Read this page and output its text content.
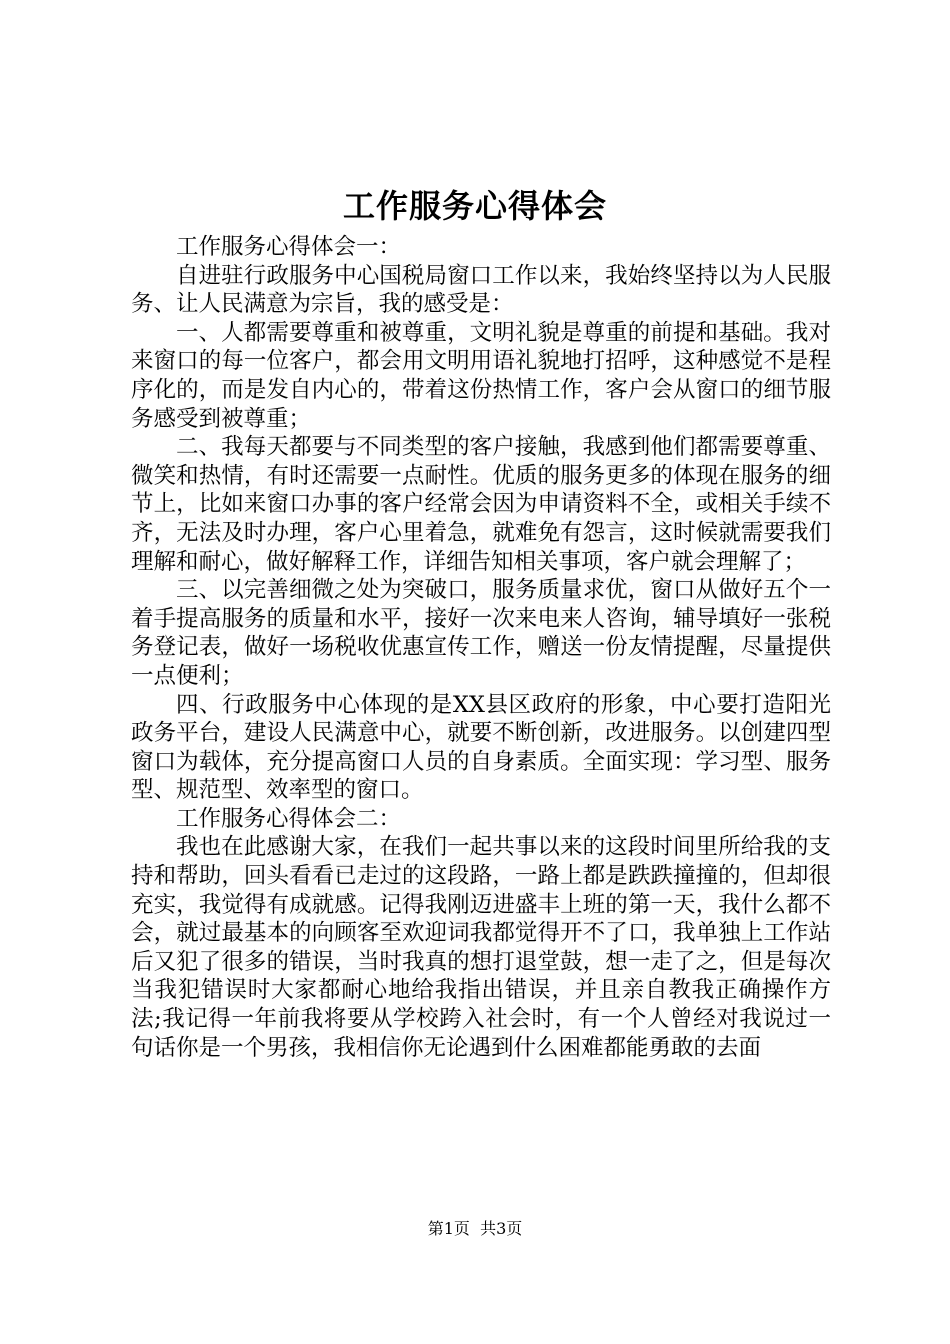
工作服务心得体会

工作服务心得体会一：

自进驻行政服务中心国税局窗口工作以来，我始终坚持以为人民服务、让人民满意为宗旨，我的感受是：

一、人都需要尊重和被尊重，文明礼貌是尊重的前提和基础。我对来窗口的每一位客户，都会用文明用语礼貌地打招呼，这种感觉不是程序化的，而是发自内心的，带着这份热情工作，客户会从窗口的细节服务感受到被尊重；

二、我每天都要与不同类型的客户接触，我感到他们都需要尊重、微笑和热情，有时还需要一点耐性。优质的服务更多的体现在服务的细节上，比如来窗口办事的客户经常会因为申请资料不全，或相关手续不齐，无法及时办理，客户心里着急，就难免有怨言，这时候就需要我们理解和耐心，做好解释工作，详细告知相关事项，客户就会理解了；

三、以完善细微之处为突破口，服务质量求优，窗口从做好五个一着手提高服务的质量和水平，接好一次来电来人咨询，辅导填好一张税务登记表，做好一场税收优惠宣传工作，赠送一份友情提醒，尽量提供一点便利；

四、行政服务中心体现的是XX县区政府的形象，中心要打造阳光政务平台，建设人民满意中心，就要不断创新，改进服务。以创建四型窗口为载体，充分提高窗口人员的自身素质。全面实现：学习型、服务型、规范型、效率型的窗口。

工作服务心得体会二：

我也在此感谢大家，在我们一起共事以来的这段时间里所给我的支持和帮助，回头看看已走过的这段路，一路上都是跌跌撞撞的，但却很充实，我觉得有成就感。记得我刚迈进盛丰上班的第一天，我什么都不会，就过最基本的向顾客至欢迎词我都觉得开不了口，我单独上工作站后又犯了很多的错误，当时我真的想打退堂鼓，想一走了之，但是每次当我犯错误时大家都耐心地给我指出错误，并且亲自教我正确操作方法;我记得一年前我将要从学校跨入社会时，有一个人曾经对我说过一句话你是一个男孩，我相信你无论遇到什么困难都能勇敢的去面

第1页 共3页
